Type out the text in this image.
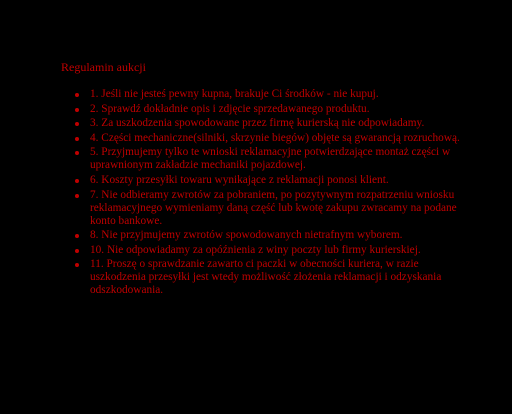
Regulamin aukcji
1. Jeśli nie jesteś pewny kupna, brakuje Ci środków - nie kupuj.
2. Sprawdź dokładnie opis i zdjęcie sprzedawanego produktu.
3. Za uszkodzenia spowodowane przez firmę kurierską nie odpowiadamy.
4. Części mechaniczne(silniki, skrzynie biegów) objęte są gwarancją rozruchową.
5. Przyjmujemy tylko te wnioski reklamacyjne potwierdzające montaż części w uprawnionym zakładzie mechaniki pojazdowej.
6. Koszty przesyłki towaru wynikające z reklamacji ponosi klient.
7. Nie odbieramy zwrotów za pobraniem, po pozytywnym rozpatrzeniu wniosku reklamacyjnego wymieniamy daną część lub kwotę zakupu zwracamy na podane konto bankowe.
8. Nie przyjmujemy zwrotów spowodowanych nietrafnym wyborem.
10. Nie odpowiadamy za opóźnienia z winy poczty lub firmy kurierskiej.
11. Proszę o sprawdzanie zawarto ci paczki w obecności kuriera, w razie uszkodzenia przesyłki jest wtedy możliwość złożenia reklamacji i odzyskania odszkodowania.
